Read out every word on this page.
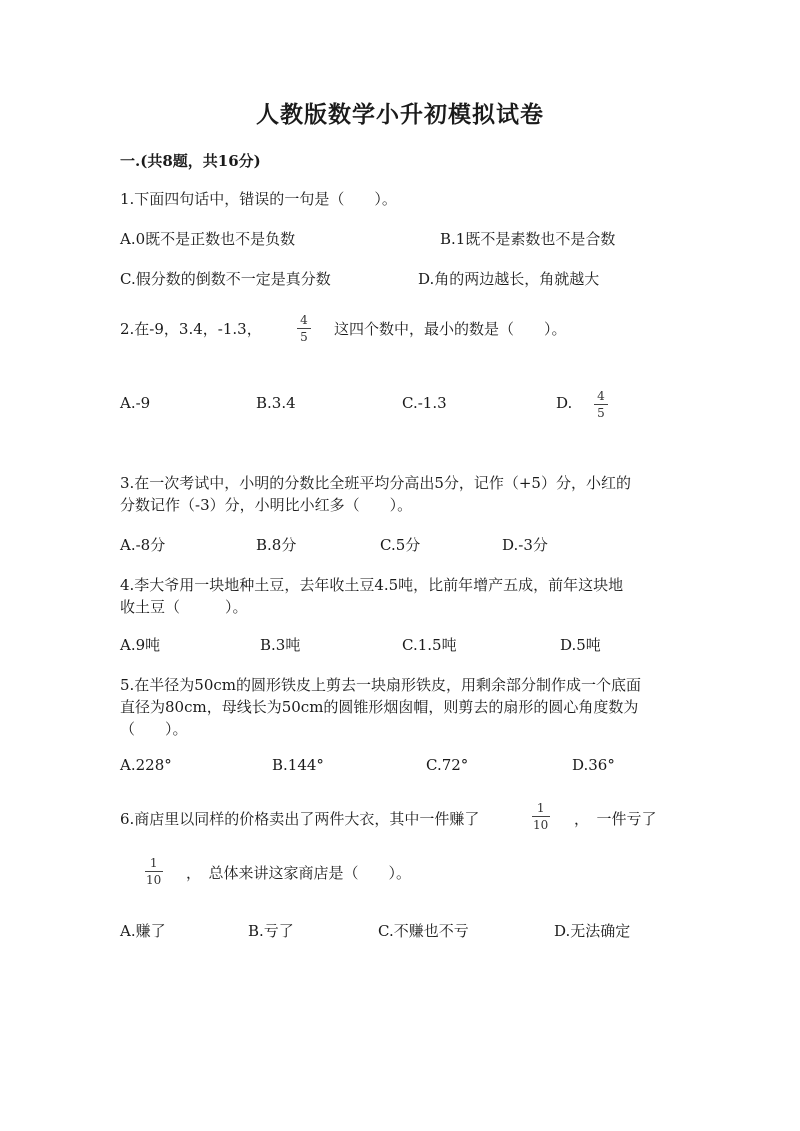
人教版数学小升初模拟试卷
一.(共8题，共16分)
1.下面四句话中，错误的一句是（　　）。
A.0既不是正数也不是负数	B.1既不是素数也不是合数
C.假分数的倒数不一定是真分数	D.角的两边越长，角就越大
2.在-9，3.4，-1.3，	4
5 这四个数中，最小的数是（　　）。
A.-9	B.3.4	C.-1.3	D. 4
5
3.在一次考试中，小明的分数比全班平均分高出5分，记作（+5）分，小红的
分数记作（-3）分，小明比小红多（　　）。
A.-8分	B.8分	C.5分	D.-3分
4.李大爷用一块地种土豆，去年收土豆4.5吨，比前年增产五成，前年这块地
收土豆（　　　）。
A.9吨	B.3吨	C.1.5吨	D.5吨
5.在半径为50cm的圆形铁皮上剪去一块扇形铁皮，用剩余部分制作成一个底面
直径为80cm，母线长为50cm的圆锥形烟囱帽，则剪去的扇形的圆心角度数为
（　　）。
A.228°	B.144°	C.72°	D.36°
6.商店里以同样的价格卖出了两件大衣，其中一件赚了
1
10 ，　一件亏了
1
10 ，　总体来讲这家商店是（　　）。
A.赚了	B.亏了	C.不赚也不亏	D.无法确定
